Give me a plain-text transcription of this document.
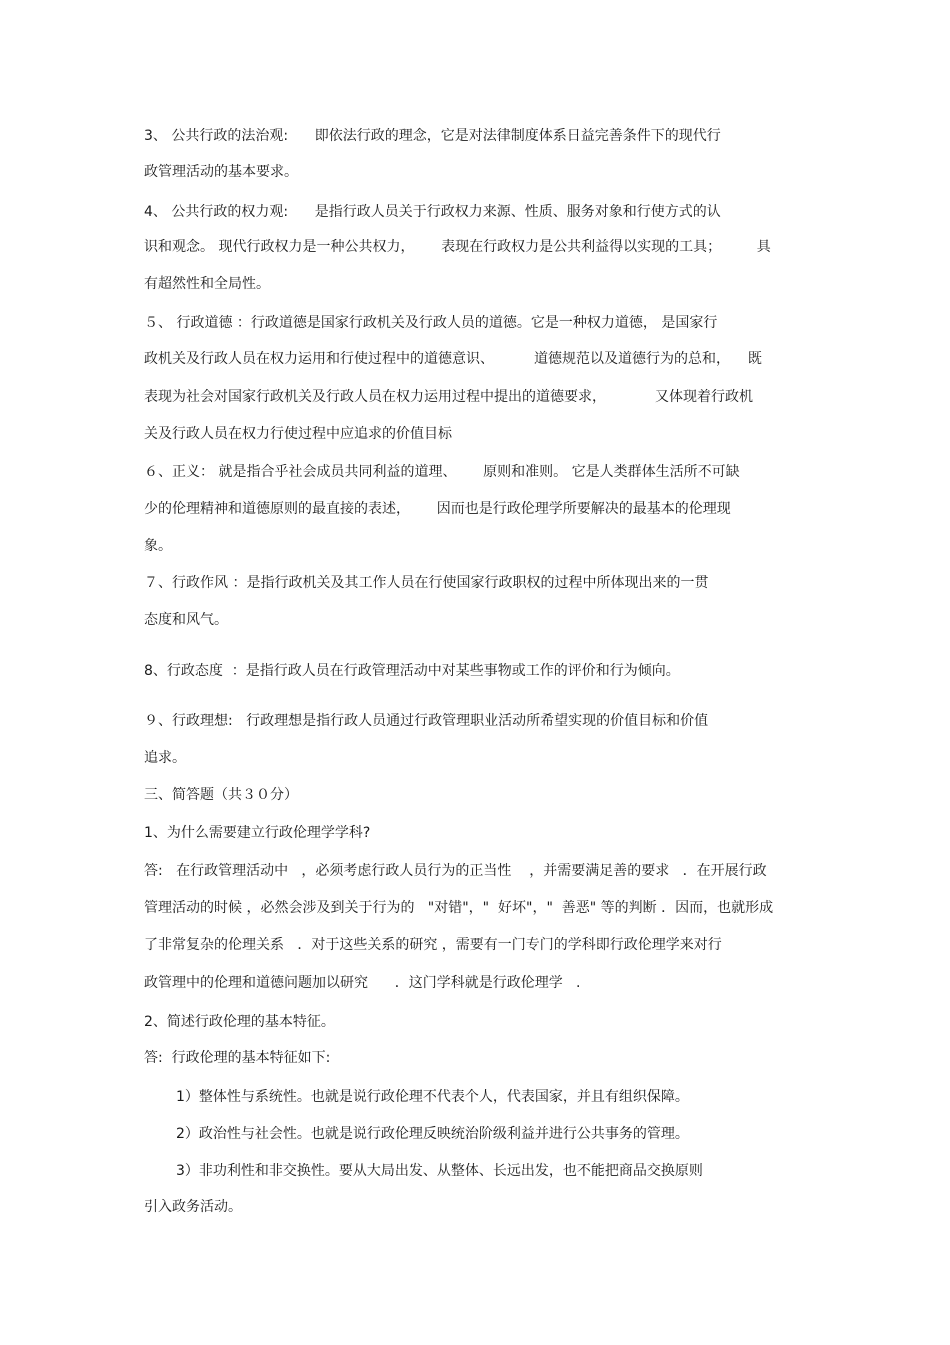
3、 公共行政的法治观:      即依法行政的理念，它是对法律制度体系日益完善条件下的现代行
政管理活动的基本要求。
4、 公共行政的权力观:      是指行政人员关于行政权力来源、性质、服务对象和行使方式的认
识和观念。 现代行政权力是一种公共权力，      表现在行政权力是公共利益得以实现的工具；        具
有超然性和全局性。
５、 行政道德 ：行政道德是国家行政机关及行政人员的道德。它是一种权力道德， 是国家行
政机关及行政人员在权力运用和行使过程中的道德意识、         道德规范以及道德行为的总和，    既
表现为社会对国家行政机关及行政人员在权力运用过程中提出的道德要求，           又体现着行政机
关及行政人员在权力行使过程中应追求的价值目标
６、正义： 就是指合乎社会成员共同利益的道理、      原则和准则。 它是人类群体生活所不可缺
少的伦理精神和道德原则的最直接的表述，      因而也是行政伦理学所要解决的最基本的伦理现
象。
７、行政作风 ：是指行政机关及其工作人员在行使国家行政职权的过程中所体现出来的一贯
态度和风气。
8、行政态度  ：是指行政人员在行政管理活动中对某些事物或工作的评价和行为倾向。
９、行政理想:   行政理想是指行政人员通过行政管理职业活动所希望实现的价值目标和价值
追求。
三、简答题（共３０分）
1、为什么需要建立行政伦理学学科?
答:   在行政管理活动中   ，必须考虑行政人员行为的正当性    ，并需要满足善的要求   ．在开展行政
管理活动的时候 ，必然会涉及到关于行为的   "对错"，"  好坏"，"  善恶" 等的判断 ．因而，也就形成
了非常复杂的伦理关系   ．对于这些关系的研究 ，需要有一门专门的学科即行政伦理学来对行
政管理中的伦理和道德问题加以研究      ．这门学科就是行政伦理学   .
2、简述行政伦理的基本特征。
答:  行政伦理的基本特征如下:
1）整体性与系统性。也就是说行政伦理不代表个人，代表国家，并且有组织保障。
2）政治性与社会性。也就是说行政伦理反映统治阶级利益并进行公共事务的管理。
3）非功利性和非交换性。要从大局出发、从整体、长远出发，也不能把商品交换原则
引入政务活动。
